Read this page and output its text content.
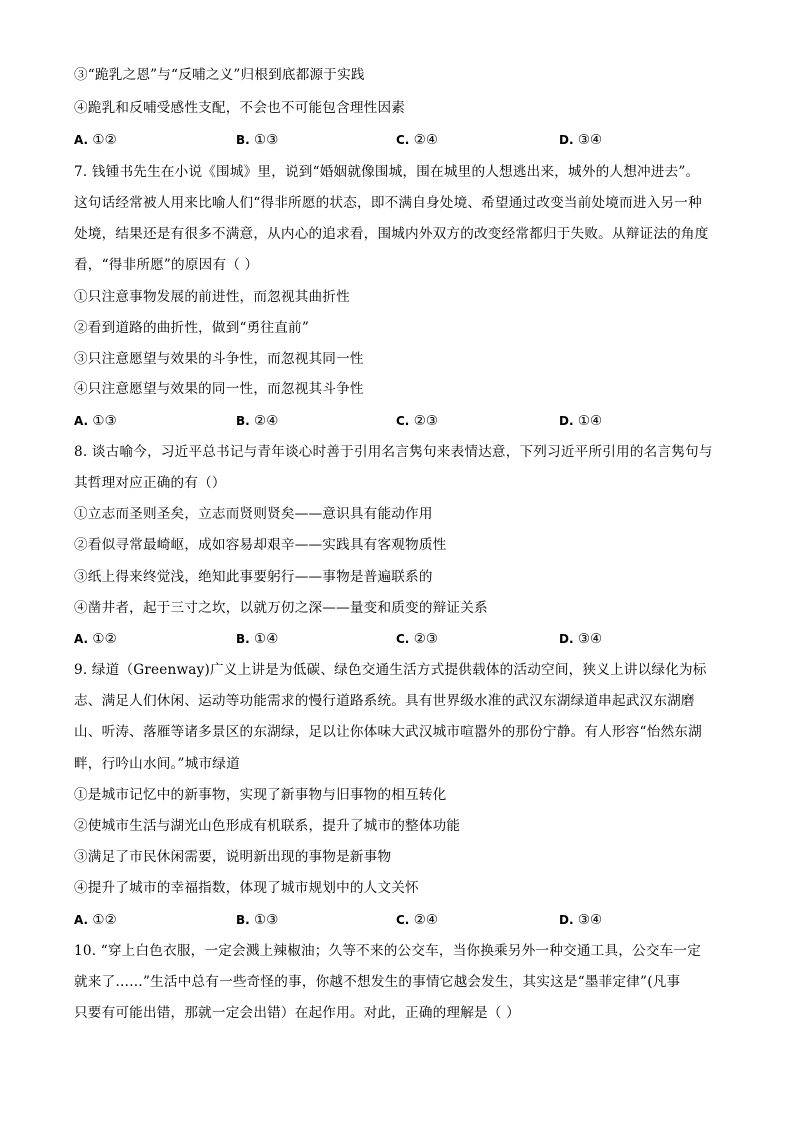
③“跪乳之恩”与“反哺之义”归根到底都源于实践
④跪乳和反哺受感性支配，不会也不可能包含理性因素
A. ①②	B. ①③	C. ②④	D. ③④
7. 钱锺书先生在小说《围城》里，说到“婚姻就像围城，围在城里的人想逃出来，城外的人想冲进去”。
这句话经常被人用来比喻人们“得非所愿的状态，即不满自身处境、希望通过改变当前处境而进入另一种
处境，结果还是有很多不满意，从内心的追求看，围城内外双方的改变经常都归于失败。从辩证法的角度
看，“得非所愿”的原因有（ ）
①只注意事物发展的前进性，而忽视其曲折性
②看到道路的曲折性，做到“勇往直前”
③只注意愿望与效果的斗争性，而忽视其同一性
④只注意愿望与效果的同一性，而忽视其斗争性
A. ①③	B. ②④	C. ②③	D. ①④
8. 谈古喻今，习近平总书记与青年谈心时善于引用名言隽句来表情达意，下列习近平所引用的名言隽句与
其哲理对应正确的有（）
①立志而圣则圣矣，立志而贤则贤矣——意识具有能动作用
②看似寻常最崎岖，成如容易却艰辛——实践具有客观物质性
③纸上得来终觉浅，绝知此事要躬行——事物是普遍联系的
④凿井者，起于三寸之坎，以就万仞之深——量变和质变的辩证关系
A. ①②	B. ①④	C. ②③	D. ③④
9. 绿道（Greenway)广义上讲是为低碳、绿色交通生活方式提供载体的活动空间，狭义上讲以绿化为标
志、满足人们休闲、运动等功能需求的慢行道路系统。具有世界级水准的武汉东湖绿道串起武汉东湖磨
山、听涛、落雁等诸多景区的东湖绿，足以让你体味大武汉城市喧嚣外的那份宁静。有人形容“怡然东湖
畔，行吟山水间。”城市绿道
①是城市记忆中的新事物，实现了新事物与旧事物的相互转化
②使城市生活与湖光山色形成有机联系，提升了城市的整体功能
③满足了市民休闲需要，说明新出现的事物是新事物
④提升了城市的幸福指数，体现了城市规划中的人文关怀
A. ①②	B. ①③	C. ②④	D. ③④
10. “穿上白色衣服，一定会溅上辣椒油；久等不来的公交车，当你换乘另外一种交通工具，公交车一定
就来了……”生活中总有一些奇怪的事，你越不想发生的事情它越会发生，其实这是“墨菲定律”(凡事
只要有可能出错，那就一定会出错）在起作用。对此，正确的理解是（ ）
